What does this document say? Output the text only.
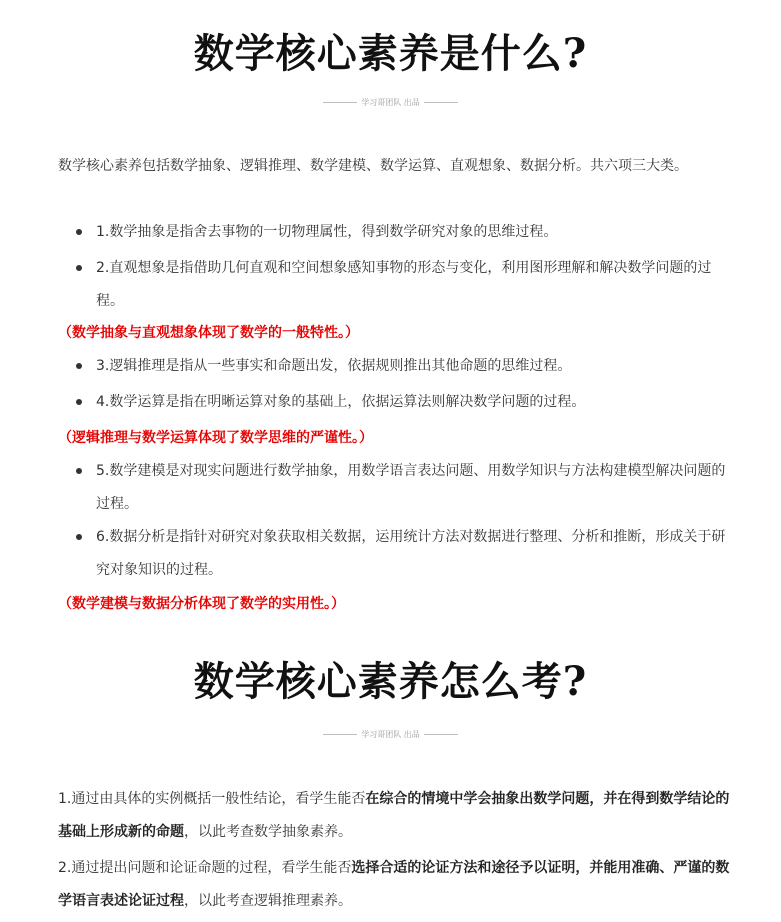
数学核心素养是什么?
学习哥团队 出品
数学核心素养包括数学抽象、逻辑推理、数学建模、数学运算、直观想象、数据分析。共六项三大类。
1.数学抽象是指舍去事物的一切物理属性，得到数学研究对象的思维过程。
2.直观想象是指借助几何直观和空间想象感知事物的形态与变化，利用图形理解和解决数学问题的过程。
（数学抽象与直观想象体现了数学的一般特性。）
3.逻辑推理是指从一些事实和命题出发，依据规则推出其他命题的思维过程。
4.数学运算是指在明晰运算对象的基础上，依据运算法则解决数学问题的过程。
（逻辑推理与数学运算体现了数学思维的严谨性。）
5.数学建模是对现实问题进行数学抽象，用数学语言表达问题、用数学知识与方法构建模型解决问题的过程。
6.数据分析是指针对研究对象获取相关数据，运用统计方法对数据进行整理、分析和推断，形成关于研究对象知识的过程。
（数学建模与数据分析体现了数学的实用性。）
数学核心素养怎么考?
学习哥团队 出品
1.通过由具体的实例概括一般性结论，看学生能否在综合的情境中学会抽象出数学问题，并在得到数学结论的基础上形成新的命题，以此考查数学抽象素养。
2.通过提出问题和论证命题的过程，看学生能否选择合适的论证方法和途径予以证明，并能用准确、严谨的数学语言表述论证过程，以此考查逻辑推理素养。
